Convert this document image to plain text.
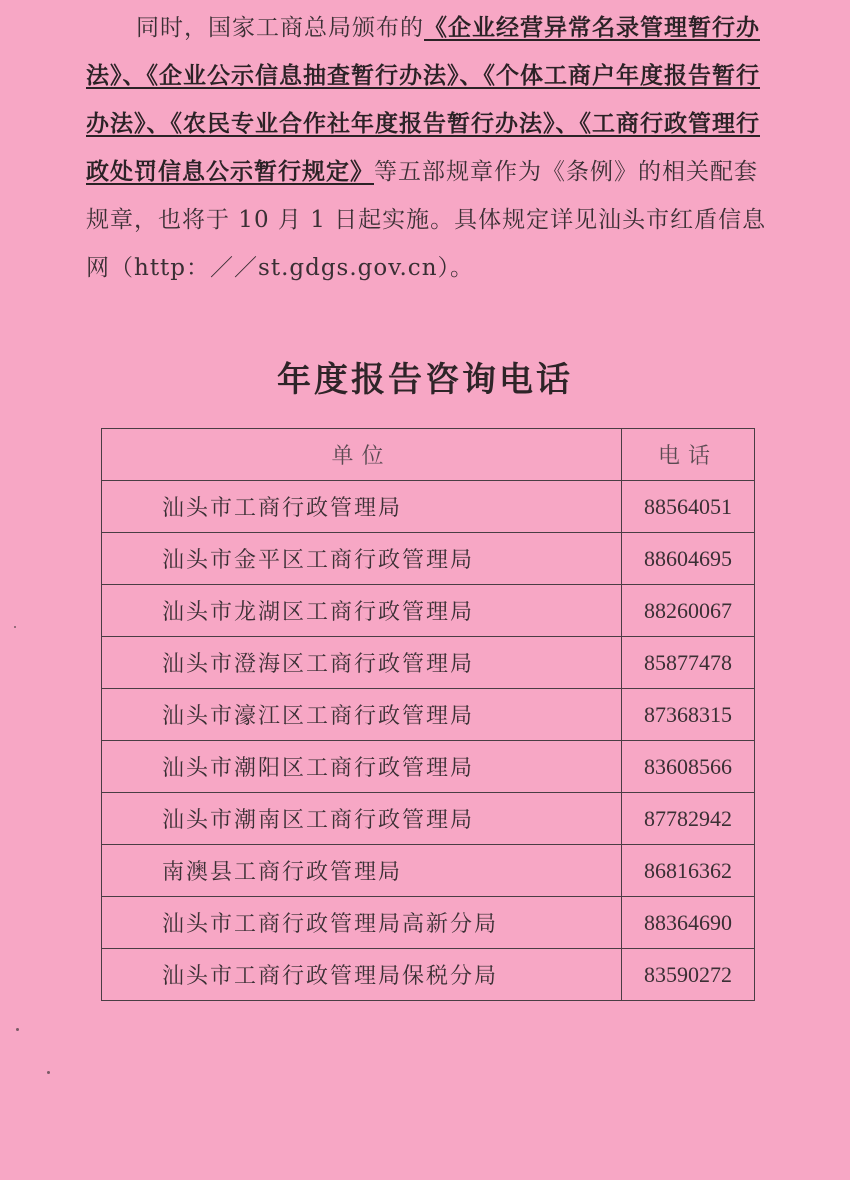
同时，国家工商总局颁布的《企业经营异常名录管理暂行办
法》、《企业公示信息抽查暂行办法》、《个体工商户年度报告暂行
办法》、《农民专业合作社年度报告暂行办法》、《工商行政管理行
政处罚信息公示暂行规定》等五部规章作为《条例》的相关配套
规章，也将于 10 月 1 日起实施。具体规定详见汕头市红盾信息
网（http：／／st.gdgs.gov.cn）。
年度报告咨询电话
单位	电话
汕头市工商行政管理局	88564051
汕头市金平区工商行政管理局	88604695
汕头市龙湖区工商行政管理局	88260067
汕头市澄海区工商行政管理局	85877478
汕头市濠江区工商行政管理局	87368315
汕头市潮阳区工商行政管理局	83608566
汕头市潮南区工商行政管理局	87782942
南澳县工商行政管理局	86816362
汕头市工商行政管理局高新分局	88364690
汕头市工商行政管理局保税分局	83590272
